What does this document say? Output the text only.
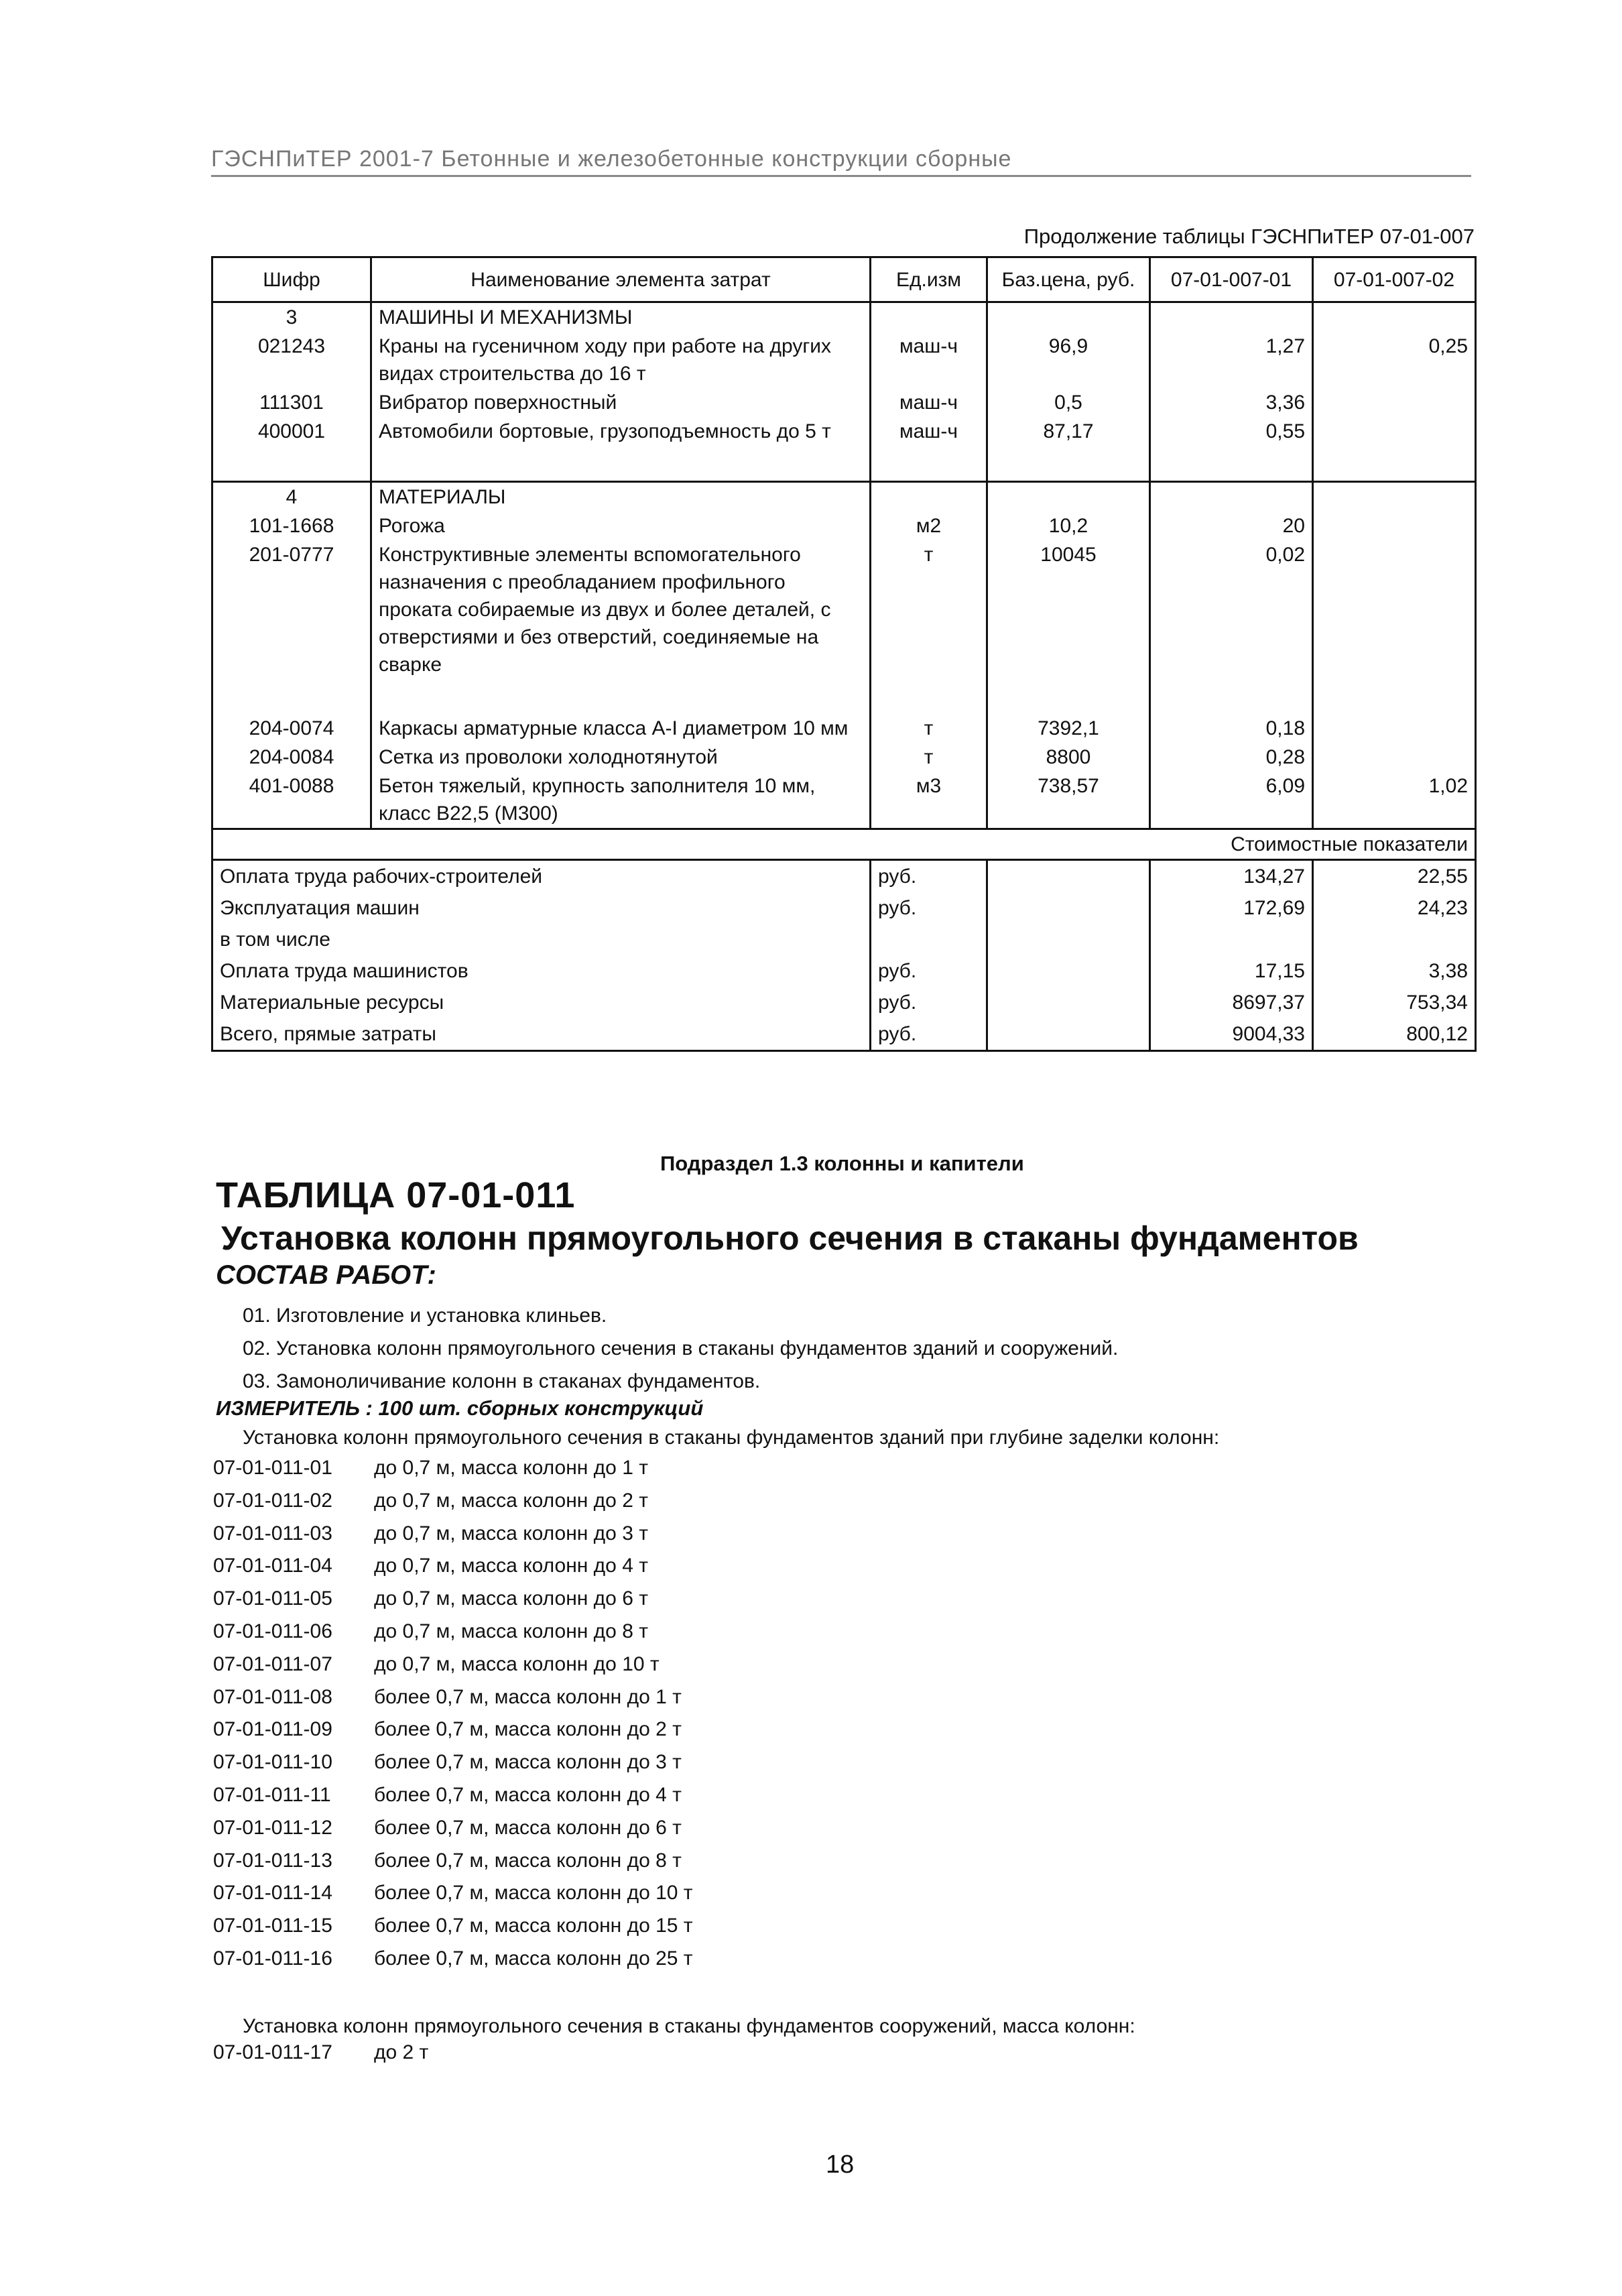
ГЭСНПиТЕР 2001-7 Бетонные и железобетонные конструкции сборные
Продолжение таблицы ГЭСНПиТЕР 07-01-007
Шифр	Наименование элемента затрат	Ед.изм	Баз.цена, руб.	07-01-007-01	07-01-007-02
3	МАШИНЫ И МЕХАНИЗМЫ				
021243	Краны на гусеничном ходу при работе на других видах строительства до 16 т	маш-ч	96,9	1,27	0,25
111301	Вибратор поверхностный	маш-ч	0,5	3,36	
400001	Автомобили бортовые, грузоподъемность до 5 т	маш-ч	87,17	0,55	

4	МАТЕРИАЛЫ				
101-1668	Рогожа	м2	10,2	20	
201-0777	Конструктивные элементы вспомогательного назначения с преобладанием профильного проката собираемые из двух и более деталей, с отверстиями и без отверстий, соединяемые на сварке	т	10045	0,02	

204-0074	Каркасы арматурные класса А-I диаметром 10 мм	т	7392,1	0,18	
204-0084	Сетка из проволоки холоднотянутой	т	8800	0,28	
401-0088	Бетон тяжелый, крупность заполнителя 10 мм, класс В22,5 (М300)	м3	738,57	6,09	1,02
Стоимостные показатели					
Оплата труда рабочих-строителей		руб.		134,27	22,55
Эксплуатация машин		руб.		172,69	24,23
в том числе					
Оплата труда машинистов		руб.		17,15	3,38
Материальные ресурсы		руб.		8697,37	753,34
Всего, прямые затраты		руб.		9004,33	800,12
Подраздел 1.3 колонны и капители
ТАБЛИЦА 07-01-011
Установка колонн прямоугольного сечения в стаканы фундаментов
СОСТАВ РАБОТ:
01. Изготовление и установка клиньев.
02. Установка колонн прямоугольного сечения в стаканы фундаментов зданий и сооружений.
03. Замоноличивание колонн в стаканах фундаментов.
ИЗМЕРИТЕЛЬ : 100 шт. сборных конструкций
Установка колонн прямоугольного сечения в стаканы фундаментов зданий при глубине заделки колонн:
07-01-011-01	до 0,7 м, масса колонн до 1 т
07-01-011-02	до 0,7 м, масса колонн до 2 т
07-01-011-03	до 0,7 м, масса колонн до 3 т
07-01-011-04	до 0,7 м, масса колонн до 4 т
07-01-011-05	до 0,7 м, масса колонн до 6 т
07-01-011-06	до 0,7 м, масса колонн до 8 т
07-01-011-07	до 0,7 м, масса колонн до 10 т
07-01-011-08	более 0,7 м, масса колонн до 1 т
07-01-011-09	более 0,7 м, масса колонн до 2 т
07-01-011-10	более 0,7 м, масса колонн до 3 т
07-01-011-11	более 0,7 м, масса колонн до 4 т
07-01-011-12	более 0,7 м, масса колонн до 6 т
07-01-011-13	более 0,7 м, масса колонн до 8 т
07-01-011-14	более 0,7 м, масса колонн до 10 т
07-01-011-15	более 0,7 м, масса колонн до 15 т
07-01-011-16	более 0,7 м, масса колонн до 25 т
Установка колонн прямоугольного сечения в стаканы фундаментов сооружений, масса колонн:
07-01-011-17	до 2 т
18
